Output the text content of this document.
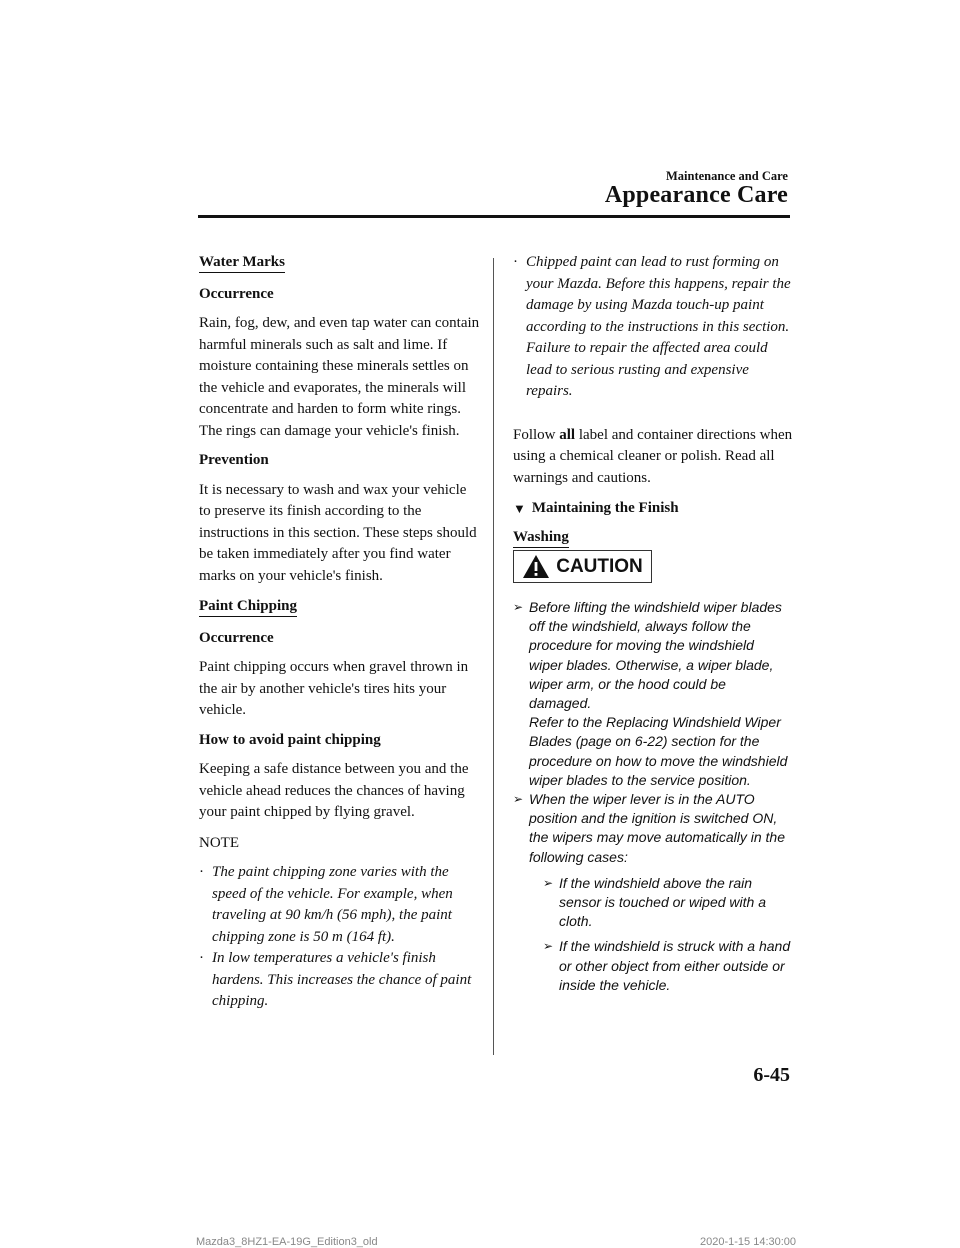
Maintenance and Care
Appearance Care
Water Marks

Occurrence

Rain, fog, dew, and even tap water can contain harmful minerals such as salt and lime. If moisture containing these minerals settles on the vehicle and evaporates, the minerals will concentrate and harden to form white rings. The rings can damage your vehicle's finish.

Prevention

It is necessary to wash and wax your vehicle to preserve its finish according to the instructions in this section. These steps should be taken immediately after you find water marks on your vehicle's finish.

Paint Chipping

Occurrence

Paint chipping occurs when gravel thrown in the air by another vehicle's tires hits your vehicle.

How to avoid paint chipping

Keeping a safe distance between you and the vehicle ahead reduces the chances of having your paint chipped by flying gravel.

NOTE

· The paint chipping zone varies with the speed of the vehicle. For example, when traveling at 90 km/h (56 mph), the paint chipping zone is 50 m (164 ft).
· In low temperatures a vehicle's finish hardens. This increases the chance of paint chipping.
· Chipped paint can lead to rust forming on your Mazda. Before this happens, repair the damage by using Mazda touch-up paint according to the instructions in this section. Failure to repair the affected area could lead to serious rusting and expensive repairs.

Follow all label and container directions when using a chemical cleaner or polish. Read all warnings and cautions.

▼ Maintaining the Finish
Washing
CAUTION
➢ Before lifting the windshield wiper blades off the windshield, always follow the procedure for moving the windshield wiper blades. Otherwise, a wiper blade, wiper arm, or the hood could be damaged.
Refer to the Replacing Windshield Wiper Blades (page on 6-22) section for the procedure on how to move the windshield wiper blades to the service position.
➢ When the wiper lever is in the AUTO position and the ignition is switched ON, the wipers may move automatically in the following cases:
➢ If the windshield above the rain sensor is touched or wiped with a cloth.
➢ If the windshield is struck with a hand or other object from either outside or inside the vehicle.
6-45
Mazda3_8HZ1-EA-19G_Edition3_old	2020-1-15 14:30:00
